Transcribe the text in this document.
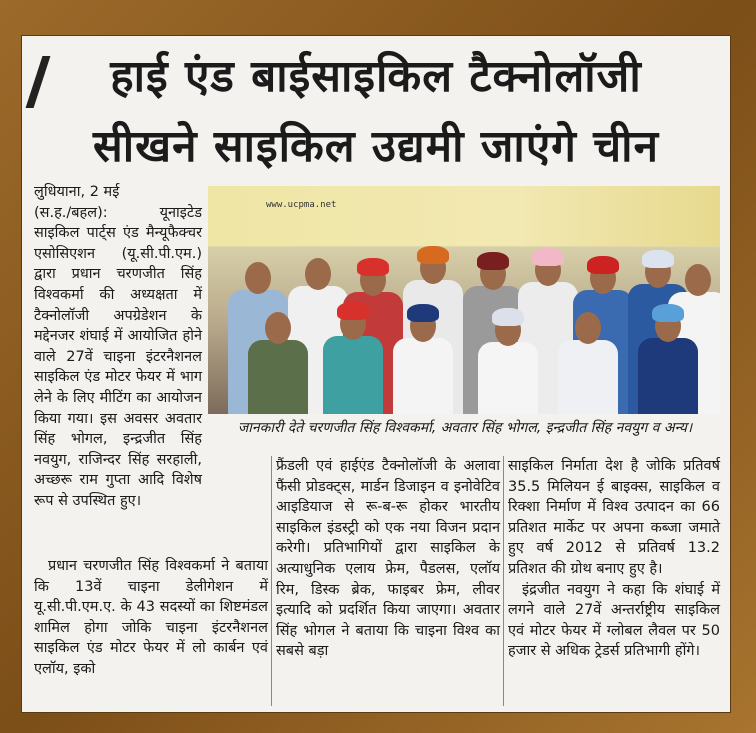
हाई एंड बाईसाइकिल टैक्नोलॉजी
सीखने साइकिल उद्यमी जाएंगे चीन

लुधियाना, 2 मई

(स.ह./बहल): यूनाइटेड साइकिल पार्ट्स एंड मैन्यूफैक्चर एसोसिएशन (यू.सी.पी.एम.) द्वारा प्रधान चरणजीत सिंह विश्वकर्मा की अध्यक्षता में टैक्नोलॉजी अपग्रेडेशन के मद्देनजर शंघाई में आयोजित होने वाले 27वें चाइना इंटरनैशनल साइकिल एंड मोटर फेयर में भाग लेने के लिए मीटिंग का आयोजन किया गया। इस अवसर अवतार सिंह भोगल, इन्द्रजीत सिंह नवयुग, राजिन्दर सिंह सरहाली, अच्छरू राम गुप्ता आदि विशेष रूप से उपस्थित हुए।

प्रधान चरणजीत सिंह विश्वकर्मा ने बताया कि 13वें चाइना डेलीगेशन में यू.सी.पी.एम.ए. के 43 सदस्यों का शिष्टमंडल शामिल होगा जोकि चाइना इंटरनैशनल साइकिल एंड मोटर फेयर में लो कार्बन एवं एलॉय, इको

www.ucpma.net
जानकारी देते चरणजीत सिंह विश्वकर्मा, अवतार सिंह भोगल, इन्द्रजीत सिंह नवयुग व अन्य।

फ्रैंडली एवं हाईएंड टैक्नोलॉजी के अलावा फैंसी प्रोडक्ट्स, मार्डन डिजाइन व इनोवेटिव आइडियाज से रू-ब-रू होकर भारतीय साइकिल इंडस्ट्री को एक नया विजन प्रदान करेगी। प्रतिभागियों द्वारा साइकिल के अत्याधुनिक एलाय फ्रेम, पैडलस, एलॉय रिम, डिस्क ब्रेक, फाइबर फ्रेम, लीवर इत्यादि को प्रदर्शित किया जाएगा। अवतार सिंह भोगल ने बताया कि चाइना विश्व का सबसे बड़ा

साइकिल निर्माता देश है जोकि प्रतिवर्ष 35.5 मिलियन ई बाइक्स, साइकिल व रिक्शा निर्माण में विश्व उत्पादन का 66 प्रतिशत मार्केट पर अपना कब्जा जमाते हुए वर्ष 2012 से प्रतिवर्ष 13.2 प्रतिशत की ग्रोथ बनाए हुए है।

इंद्रजीत नवयुग ने कहा कि शंघाई में लगने वाले 27वें अन्तर्राष्ट्रीय साइकिल एवं मोटर फेयर में ग्लोबल लैवल पर 50 हजार से अधिक ट्रेडर्स प्रतिभागी होंगे।
